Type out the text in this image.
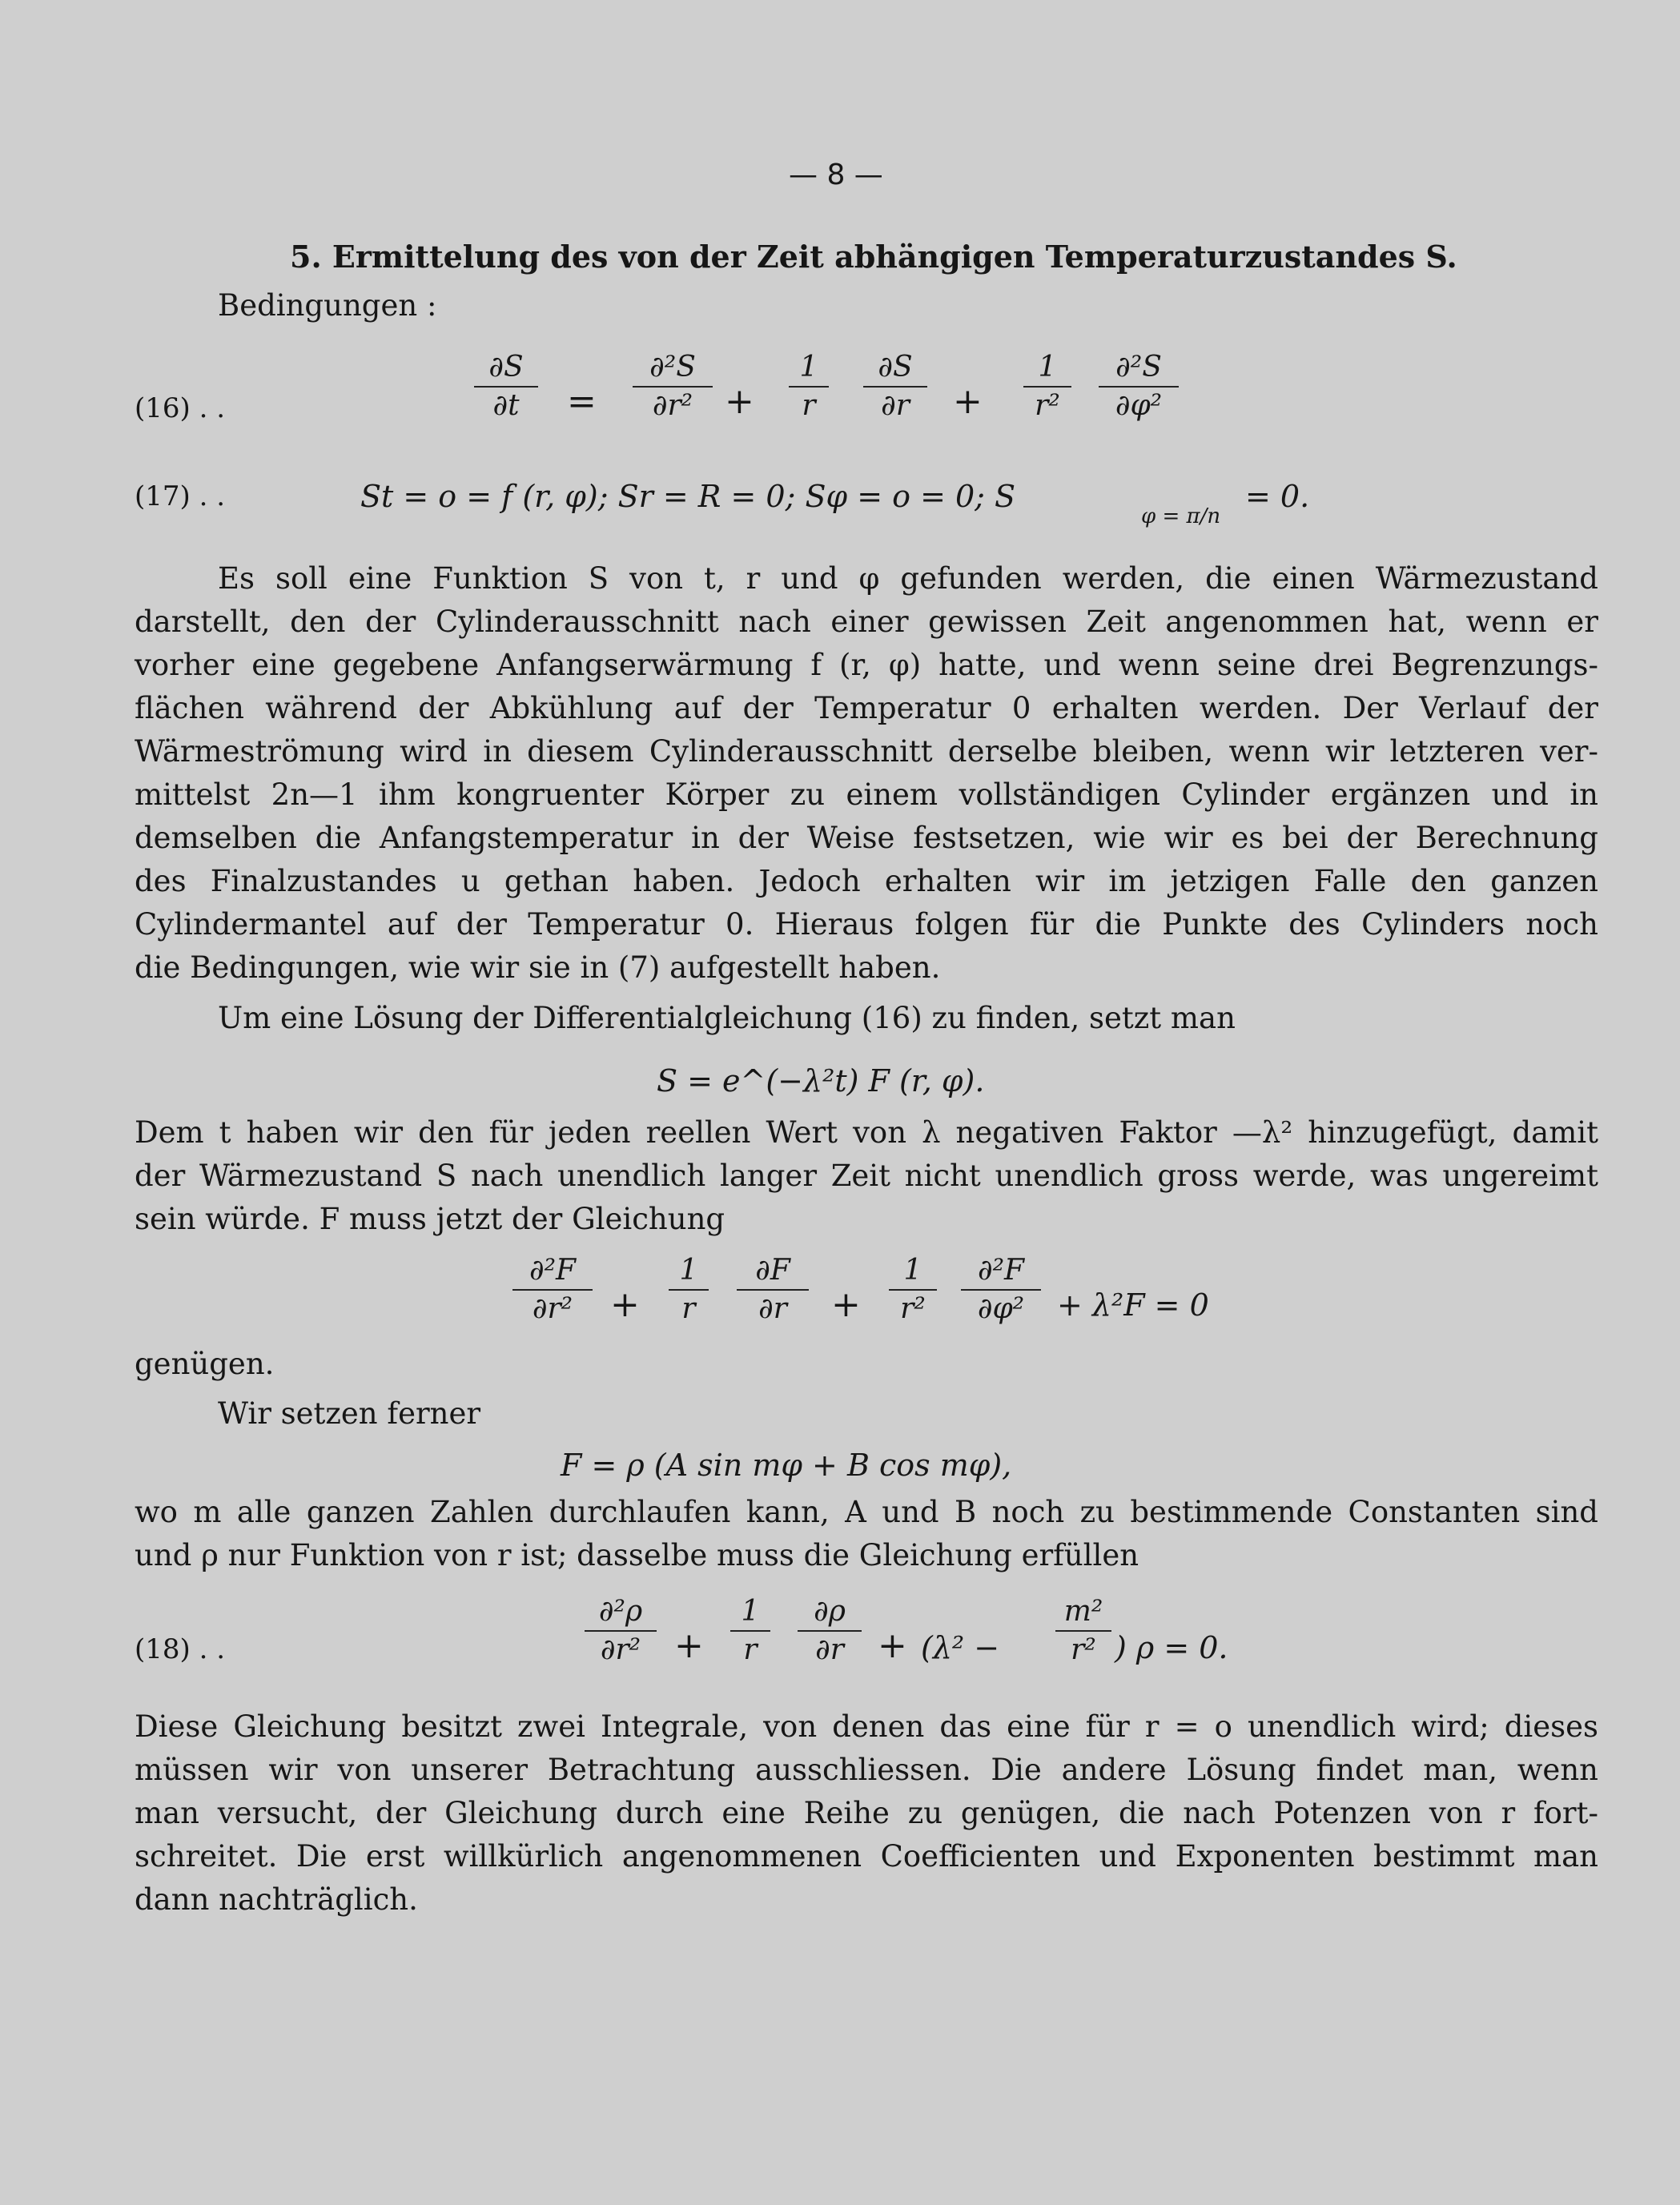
— 8 —
5. Ermittelung des von der Zeit abhängigen Temperaturzustandes S.
Bedingungen :
(16) . .
∂S
∂t	=
∂²S
∂r² +
1
r
∂S
∂r	+
1
r²
∂²S
∂φ²
(17) . .	St = o = f (r, φ); Sr = R = 0; Sφ = o = 0; S
φ = π/n
= 0.
Es soll eine Funktion S von t, r und φ gefunden werden, die einen Wärmezustand
darstellt, den der Cylinderausschnitt nach einer gewissen Zeit angenommen hat, wenn er
vorher eine gegebene Anfangserwärmung f (r, φ) hatte, und wenn seine drei Begrenzungs-
flächen während der Abkühlung auf der Temperatur 0 erhalten werden. Der Verlauf der
Wärmeströmung wird in diesem Cylinderausschnitt derselbe bleiben, wenn wir letzteren ver-
mittelst 2n—1 ihm kongruenter Körper zu einem vollständigen Cylinder ergänzen und in
demselben die Anfangstemperatur in der Weise festsetzen, wie wir es bei der Berechnung
des Finalzustandes u gethan haben. Jedoch erhalten wir im jetzigen Falle den ganzen
Cylindermantel auf der Temperatur 0. Hieraus folgen für die Punkte des Cylinders noch
die Bedingungen, wie wir sie in (7) aufgestellt haben.
Um eine Lösung der Differentialgleichung (16) zu finden, setzt man
S = e^(−λ²t) F (r, φ).
Dem t haben wir den für jeden reellen Wert von λ negativen Faktor —λ² hinzugefügt, damit
der Wärmezustand S nach unendlich langer Zeit nicht unendlich gross werde, was ungereimt
sein würde. F muss jetzt der Gleichung
∂²F
∂r²	+
1
r
∂F
∂r	+
1
r²
∂²F
∂φ²	+ λ²F = 0
genügen.
Wir setzen ferner
F = ρ (A sin mφ + B cos mφ),
wo m alle ganzen Zahlen durchlaufen kann, A und B noch zu bestimmende Constanten sind
und ρ nur Funktion von r ist; dasselbe muss die Gleichung erfüllen
(18) . .
∂²ρ
∂r² +
1
r
∂ρ
∂r + (λ² −
m²
r² ) ρ = 0.
Diese Gleichung besitzt zwei Integrale, von denen das eine für r = o unendlich wird; dieses
müssen wir von unserer Betrachtung ausschliessen. Die andere Lösung findet man, wenn
man versucht, der Gleichung durch eine Reihe zu genügen, die nach Potenzen von r fort-
schreitet. Die erst willkürlich angenommenen Coefficienten und Exponenten bestimmt man
dann nachträglich.
